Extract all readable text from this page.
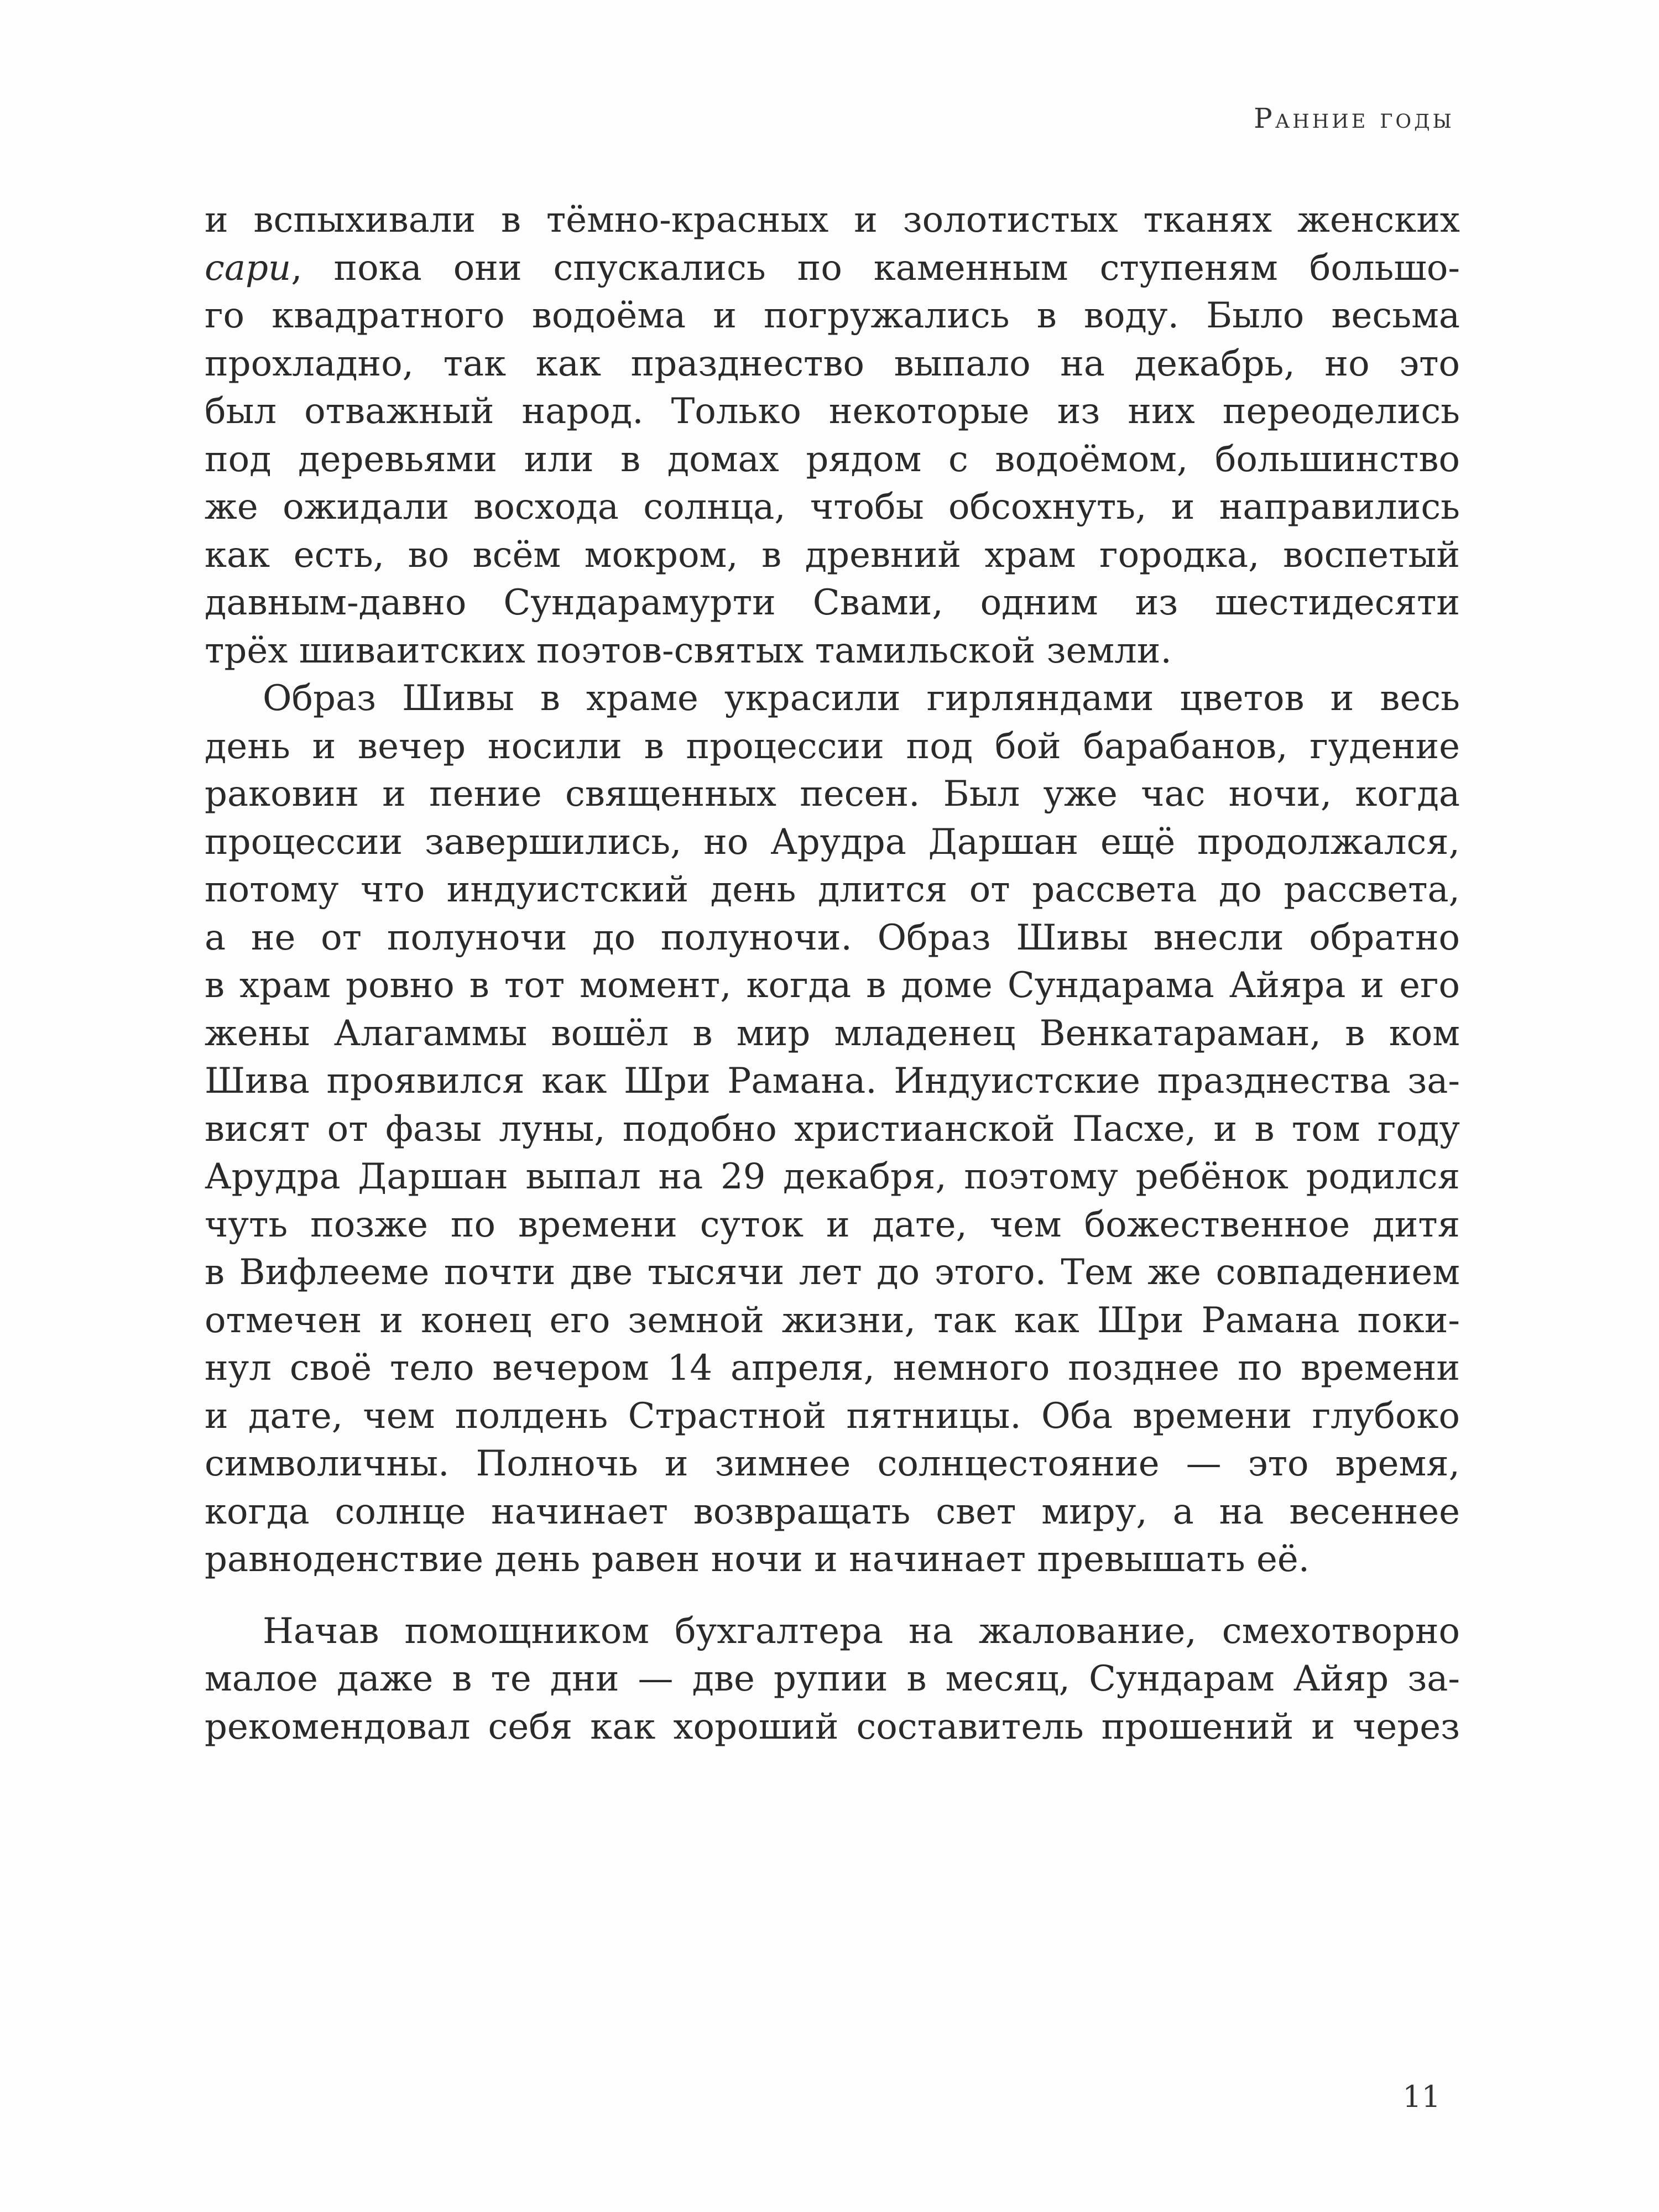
Ранние годы
и вспыхивали в тёмно-красных и золотистых тканях женских
сари, пока они спускались по каменным ступеням большо-
го квадратного водоёма и погружались в воду. Было весьма
прохладно, так как празднество выпало на декабрь, но это
был отважный народ. Только некоторые из них переоделись
под деревьями или в домах рядом с водоёмом, большинство
же ожидали восхода солнца, чтобы обсохнуть, и направились
как есть, во всём мокром, в древний храм городка, воспетый
давным-давно Сундарамурти Свами, одним из шестидесяти
трёх шиваитских поэтов-святых тамильской земли.
Образ Шивы в храме украсили гирляндами цветов и весь
день и вечер носили в процессии под бой барабанов, гудение
раковин и пение священных песен. Был уже час ночи, когда
процессии завершились, но Арудра Даршан ещё продолжался,
потому что индуистский день длится от рассвета до рассвета,
а не от полуночи до полуночи. Образ Шивы внесли обратно
в храм ровно в тот момент, когда в доме Сундарама Айяра и его
жены Алагаммы вошёл в мир младенец Венкатараман, в ком
Шива проявился как Шри Рамана. Индуистские празднества за-
висят от фазы луны, подобно христианской Пасхе, и в том году
Арудра Даршан выпал на 29 декабря, поэтому ребёнок родился
чуть позже по времени суток и дате, чем божественное дитя
в Вифлееме почти две тысячи лет до этого. Тем же совпадением
отмечен и конец его земной жизни, так как Шри Рамана поки-
нул своё тело вечером 14 апреля, немного позднее по времени
и дате, чем полдень Страстной пятницы. Оба времени глубоко
символичны. Полночь и зимнее солнцестояние — это время,
когда солнце начинает возвращать свет миру, а на весеннее
равноденствие день равен ночи и начинает превышать её.
Начав помощником бухгалтера на жалование, смехотворно
малое даже в те дни — две рупии в месяц, Сундарам Айяр за-
рекомендовал себя как хороший составитель прошений и через
11
